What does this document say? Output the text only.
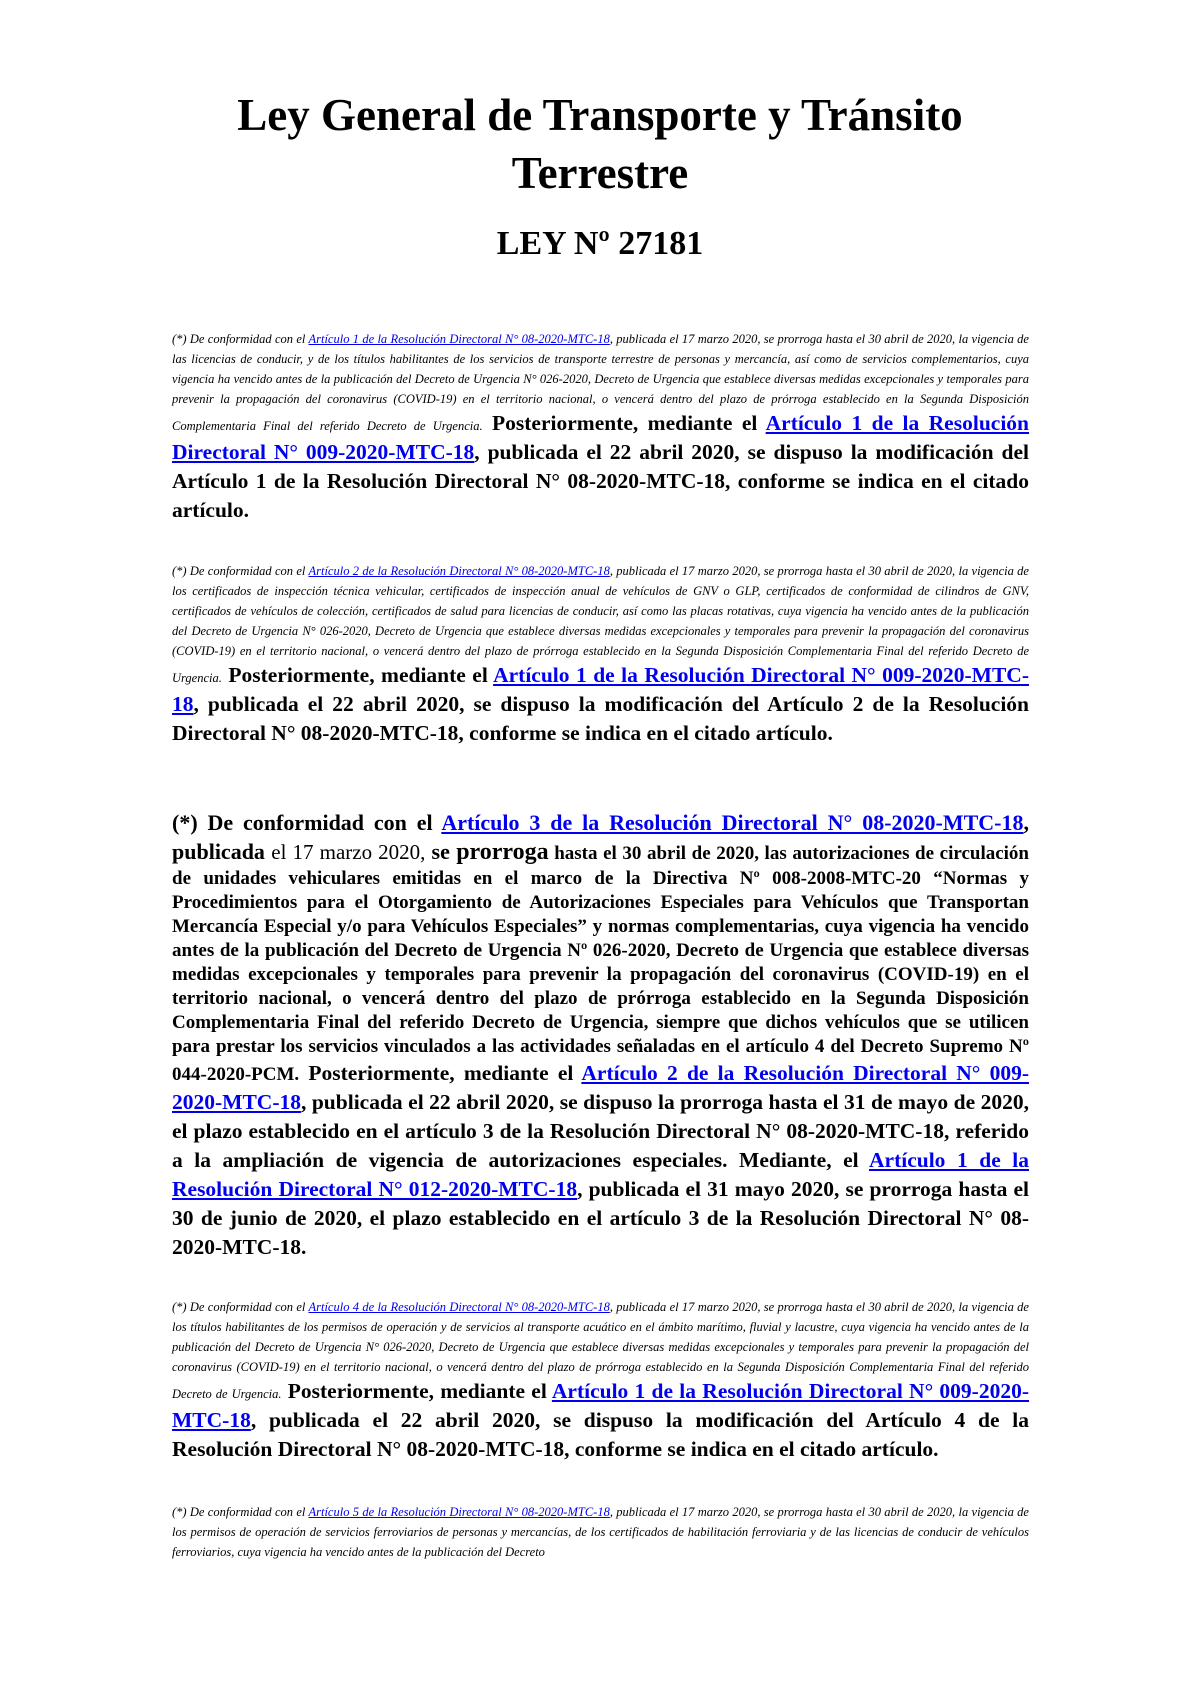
Ley General de Transporte y Tránsito Terrestre
LEY Nº 27181

(*) De conformidad con el Artículo 1 de la Resolución Directoral N° 08-2020-MTC-18, publicada el 17 marzo 2020, se prorroga hasta el 30 abril de 2020, la vigencia de las licencias de conducir, y de los títulos habilitantes de los servicios de transporte terrestre de personas y mercancía, así como de servicios complementarios, cuya vigencia ha vencido antes de la publicación del Decreto de Urgencia N° 026-2020, Decreto de Urgencia que establece diversas medidas excepcionales y temporales para prevenir la propagación del coronavirus (COVID-19) en el territorio nacional, o vencerá dentro del plazo de prórroga establecido en la Segunda Disposición Complementaria Final del referido Decreto de Urgencia. Posteriormente, mediante el Artículo 1 de la Resolución Directoral N° 009-2020-MTC-18, publicada el 22 abril 2020, se dispuso la modificación del Artículo 1 de la Resolución Directoral N° 08-2020-MTC-18, conforme se indica en el citado artículo.

(*) De conformidad con el Artículo 2 de la Resolución Directoral N° 08-2020-MTC-18, publicada el 17 marzo 2020, se prorroga hasta el 30 abril de 2020, la vigencia de los certificados de inspección técnica vehicular, certificados de inspección anual de vehículos de GNV o GLP, certificados de conformidad de cilindros de GNV, certificados de vehículos de colección, certificados de salud para licencias de conducir, así como las placas rotativas, cuya vigencia ha vencido antes de la publicación del Decreto de Urgencia N° 026-2020, Decreto de Urgencia que establece diversas medidas excepcionales y temporales para prevenir la propagación del coronavirus (COVID-19) en el territorio nacional, o vencerá dentro del plazo de prórroga establecido en la Segunda Disposición Complementaria Final del referido Decreto de Urgencia. Posteriormente, mediante el Artículo 1 de la Resolución Directoral N° 009-2020-MTC-18, publicada el 22 abril 2020, se dispuso la modificación del Artículo 2 de la Resolución Directoral N° 08-2020-MTC-18, conforme se indica en el citado artículo.

(*) De conformidad con el Artículo 3 de la Resolución Directoral N° 08-2020-MTC-18, publicada el 17 marzo 2020, se prorroga hasta el 30 abril de 2020, las autorizaciones de circulación de unidades vehiculares emitidas en el marco de la Directiva Nº 008-2008-MTC-20 “Normas y Procedimientos para el Otorgamiento de Autorizaciones Especiales para Vehículos que Transportan Mercancía Especial y/o para Vehículos Especiales” y normas complementarias, cuya vigencia ha vencido antes de la publicación del Decreto de Urgencia Nº 026-2020, Decreto de Urgencia que establece diversas medidas excepcionales y temporales para prevenir la propagación del coronavirus (COVID-19) en el territorio nacional, o vencerá dentro del plazo de prórroga establecido en la Segunda Disposición Complementaria Final del referido Decreto de Urgencia, siempre que dichos vehículos que se utilicen para prestar los servicios vinculados a las actividades señaladas en el artículo 4 del Decreto Supremo Nº 044-2020-PCM. Posteriormente, mediante el Artículo 2 de la Resolución Directoral N° 009-2020-MTC-18, publicada el 22 abril 2020, se dispuso la prorroga hasta el 31 de mayo de 2020, el plazo establecido en el artículo 3 de la Resolución Directoral N° 08-2020-MTC-18, referido a la ampliación de vigencia de autorizaciones especiales. Mediante, el Artículo 1 de la Resolución Directoral N° 012-2020-MTC-18, publicada el 31 mayo 2020, se prorroga hasta el 30 de junio de 2020, el plazo establecido en el artículo 3 de la Resolución Directoral N° 08-2020-MTC-18.

(*) De conformidad con el Artículo 4 de la Resolución Directoral N° 08-2020-MTC-18, publicada el 17 marzo 2020, se prorroga hasta el 30 abril de 2020, la vigencia de los títulos habilitantes de los permisos de operación y de servicios al transporte acuático en el ámbito marítimo, fluvial y lacustre, cuya vigencia ha vencido antes de la publicación del Decreto de Urgencia N° 026-2020, Decreto de Urgencia que establece diversas medidas excepcionales y temporales para prevenir la propagación del coronavirus (COVID-19) en el territorio nacional, o vencerá dentro del plazo de prórroga establecido en la Segunda Disposición Complementaria Final del referido Decreto de Urgencia. Posteriormente, mediante el Artículo 1 de la Resolución Directoral N° 009-2020-MTC-18, publicada el 22 abril 2020, se dispuso la modificación del Artículo 4 de la Resolución Directoral N° 08-2020-MTC-18, conforme se indica en el citado artículo.

(*) De conformidad con el Artículo 5 de la Resolución Directoral N° 08-2020-MTC-18, publicada el 17 marzo 2020, se prorroga hasta el 30 abril de 2020, la vigencia de los permisos de operación de servicios ferroviarios de personas y mercancías, de los certificados de habilitación ferroviaria y de las licencias de conducir de vehículos ferroviarios, cuya vigencia ha vencido antes de la publicación del Decreto
